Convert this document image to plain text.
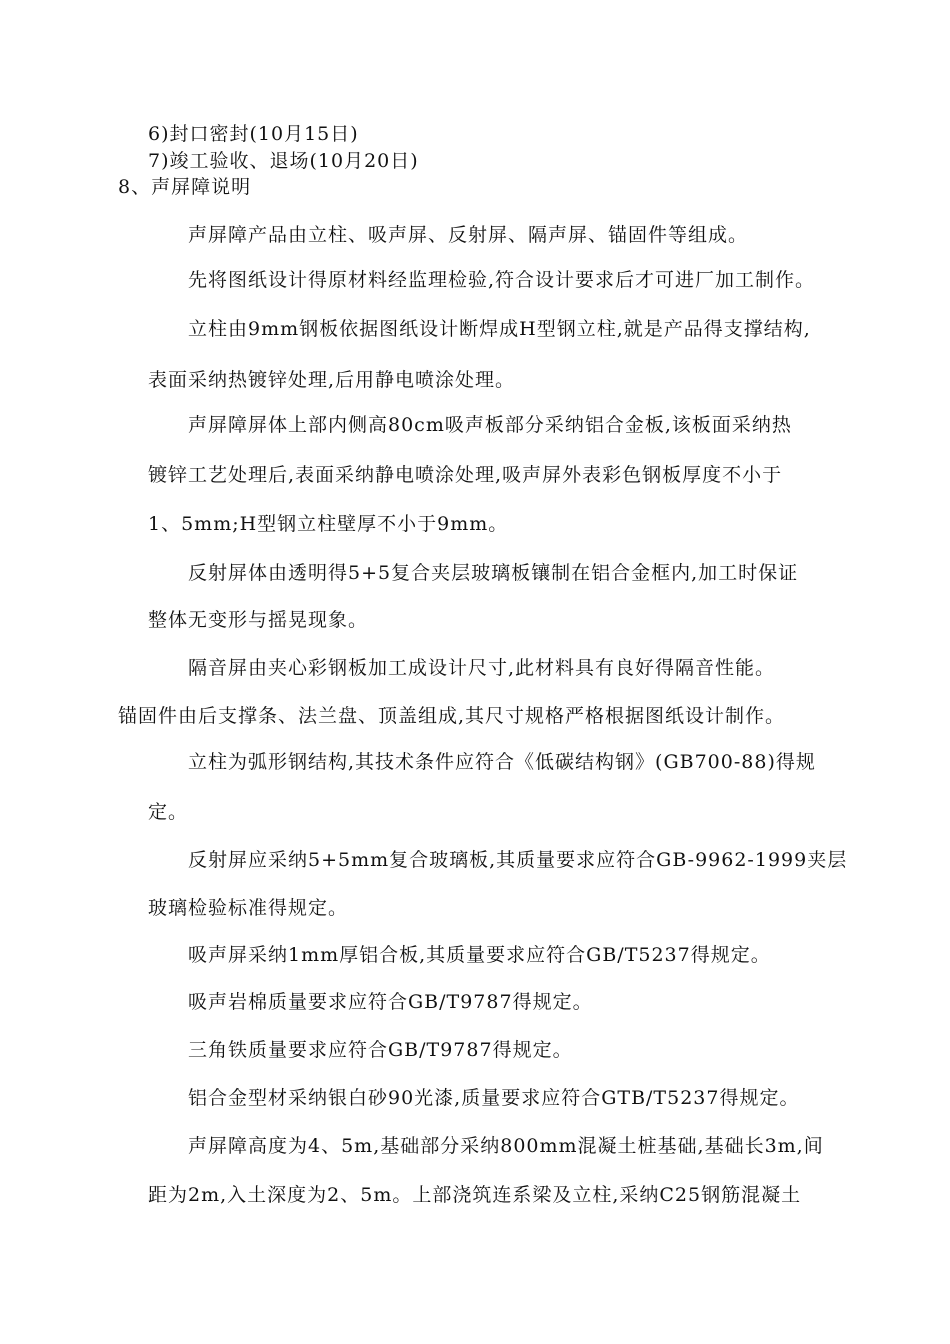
6)封口密封(10月15日)
7)竣工验收、退场(10月20日)
8、声屏障说明
声屏障产品由立柱、吸声屏、反射屏、隔声屏、锚固件等组成。
先将图纸设计得原材料经监理检验,符合设计要求后才可进厂加工制作。
立柱由9mm钢板依据图纸设计断焊成H型钢立柱,就是产品得支撑结构,
表面采纳热镀锌处理,后用静电喷涂处理。
声屏障屏体上部内侧高80cm吸声板部分采纳铝合金板,该板面采纳热
镀锌工艺处理后,表面采纳静电喷涂处理,吸声屏外表彩色钢板厚度不小于
1、5mm;H型钢立柱壁厚不小于9mm。
反射屏体由透明得5+5复合夹层玻璃板镶制在铝合金框内,加工时保证
整体无变形与摇晃现象。
隔音屏由夹心彩钢板加工成设计尺寸,此材料具有良好得隔音性能。
锚固件由后支撑条、法兰盘、顶盖组成,其尺寸规格严格根据图纸设计制作。
立柱为弧形钢结构,其技术条件应符合《低碳结构钢》(GB700-88)得规
定。
反射屏应采纳5+5mm复合玻璃板,其质量要求应符合GB-9962-1999夹层
玻璃检验标准得规定。
吸声屏采纳1mm厚铝合板,其质量要求应符合GB/T5237得规定。
吸声岩棉质量要求应符合GB/T9787得规定。
三角铁质量要求应符合GB/T9787得规定。
铝合金型材采纳银白砂90光漆,质量要求应符合GTB/T5237得规定。
声屏障高度为4、5m,基础部分采纳800mm混凝土桩基础,基础长3m,间
距为2m,入土深度为2、5m。上部浇筑连系梁及立柱,采纳C25钢筋混凝土
